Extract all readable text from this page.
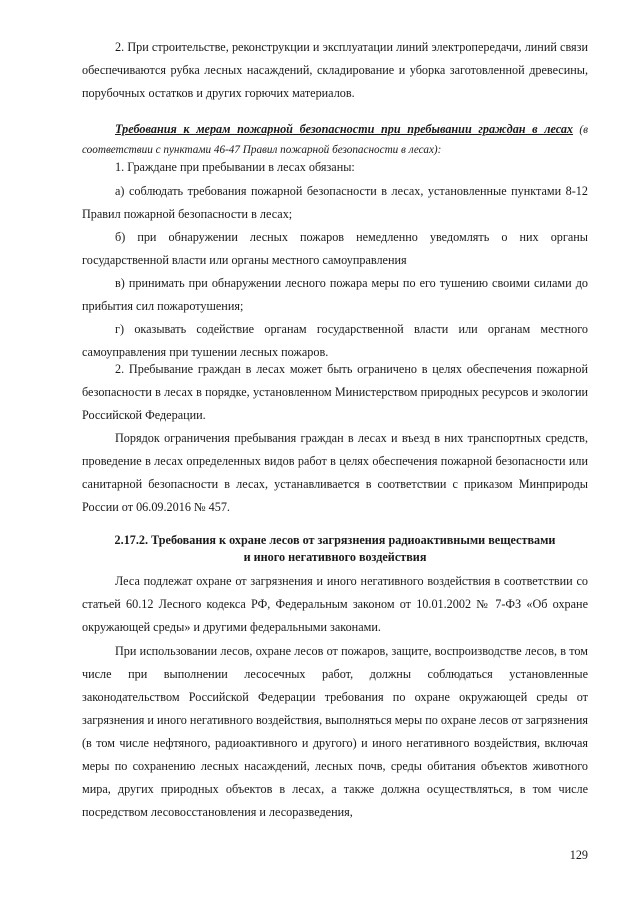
2. При строительстве, реконструкции и эксплуатации линий электропередачи, линий связи обеспечиваются рубка лесных насаждений, складирование и уборка заготовленной древесины, порубочных остатков и других горючих материалов.

Требования к мерам пожарной безопасности при пребывании граждан в лесах (в соответствии с пунктами 46-47 Правил пожарной безопасности в лесах):

1. Граждане при пребывании в лесах обязаны:

а) соблюдать требования пожарной безопасности в лесах, установленные пунктами 8-12 Правил пожарной безопасности в лесах;

б) при обнаружении лесных пожаров немедленно уведомлять о них органы государственной власти или органы местного самоуправления

в) принимать при обнаружении лесного пожара меры по его тушению своими силами до прибытия сил пожаротушения;

г) оказывать содействие органам государственной власти или органам местного самоуправления при тушении лесных пожаров.

2. Пребывание граждан в лесах может быть ограничено в целях обеспечения пожарной безопасности в лесах в порядке, установленном Министерством природных ресурсов и экологии Российской Федерации.

Порядок ограничения пребывания граждан в лесах и въезд в них транспортных средств, проведение в лесах определенных видов работ в целях обеспечения пожарной безопасности или санитарной безопасности в лесах, устанавливается в соответствии с приказом Минприроды России от 06.09.2016 № 457.

2.17.2. Требования к охране лесов от загрязнения радиоактивными веществами
и иного негативного воздействия

Леса подлежат охране от загрязнения и иного негативного воздействия в соответствии со статьей 60.12 Лесного кодекса РФ, Федеральным законом от 10.01.2002 № 7-ФЗ «Об охране окружающей среды» и другими федеральными законами.

При использовании лесов, охране лесов от пожаров, защите, воспроизводстве лесов, в том числе при выполнении лесосечных работ, должны соблюдаться установленные законодательством Российской Федерации требования по охране окружающей среды от загрязнения и иного негативного воздействия, выполняться меры по охране лесов от загрязнения (в том числе нефтяного, радиоактивного и другого) и иного негативного воздействия, включая меры по сохранению лесных насаждений, лесных почв, среды обитания объектов животного мира, других природных объектов в лесах, а также должна осуществляться, в том числе посредством лесовосстановления и лесоразведения,

129
